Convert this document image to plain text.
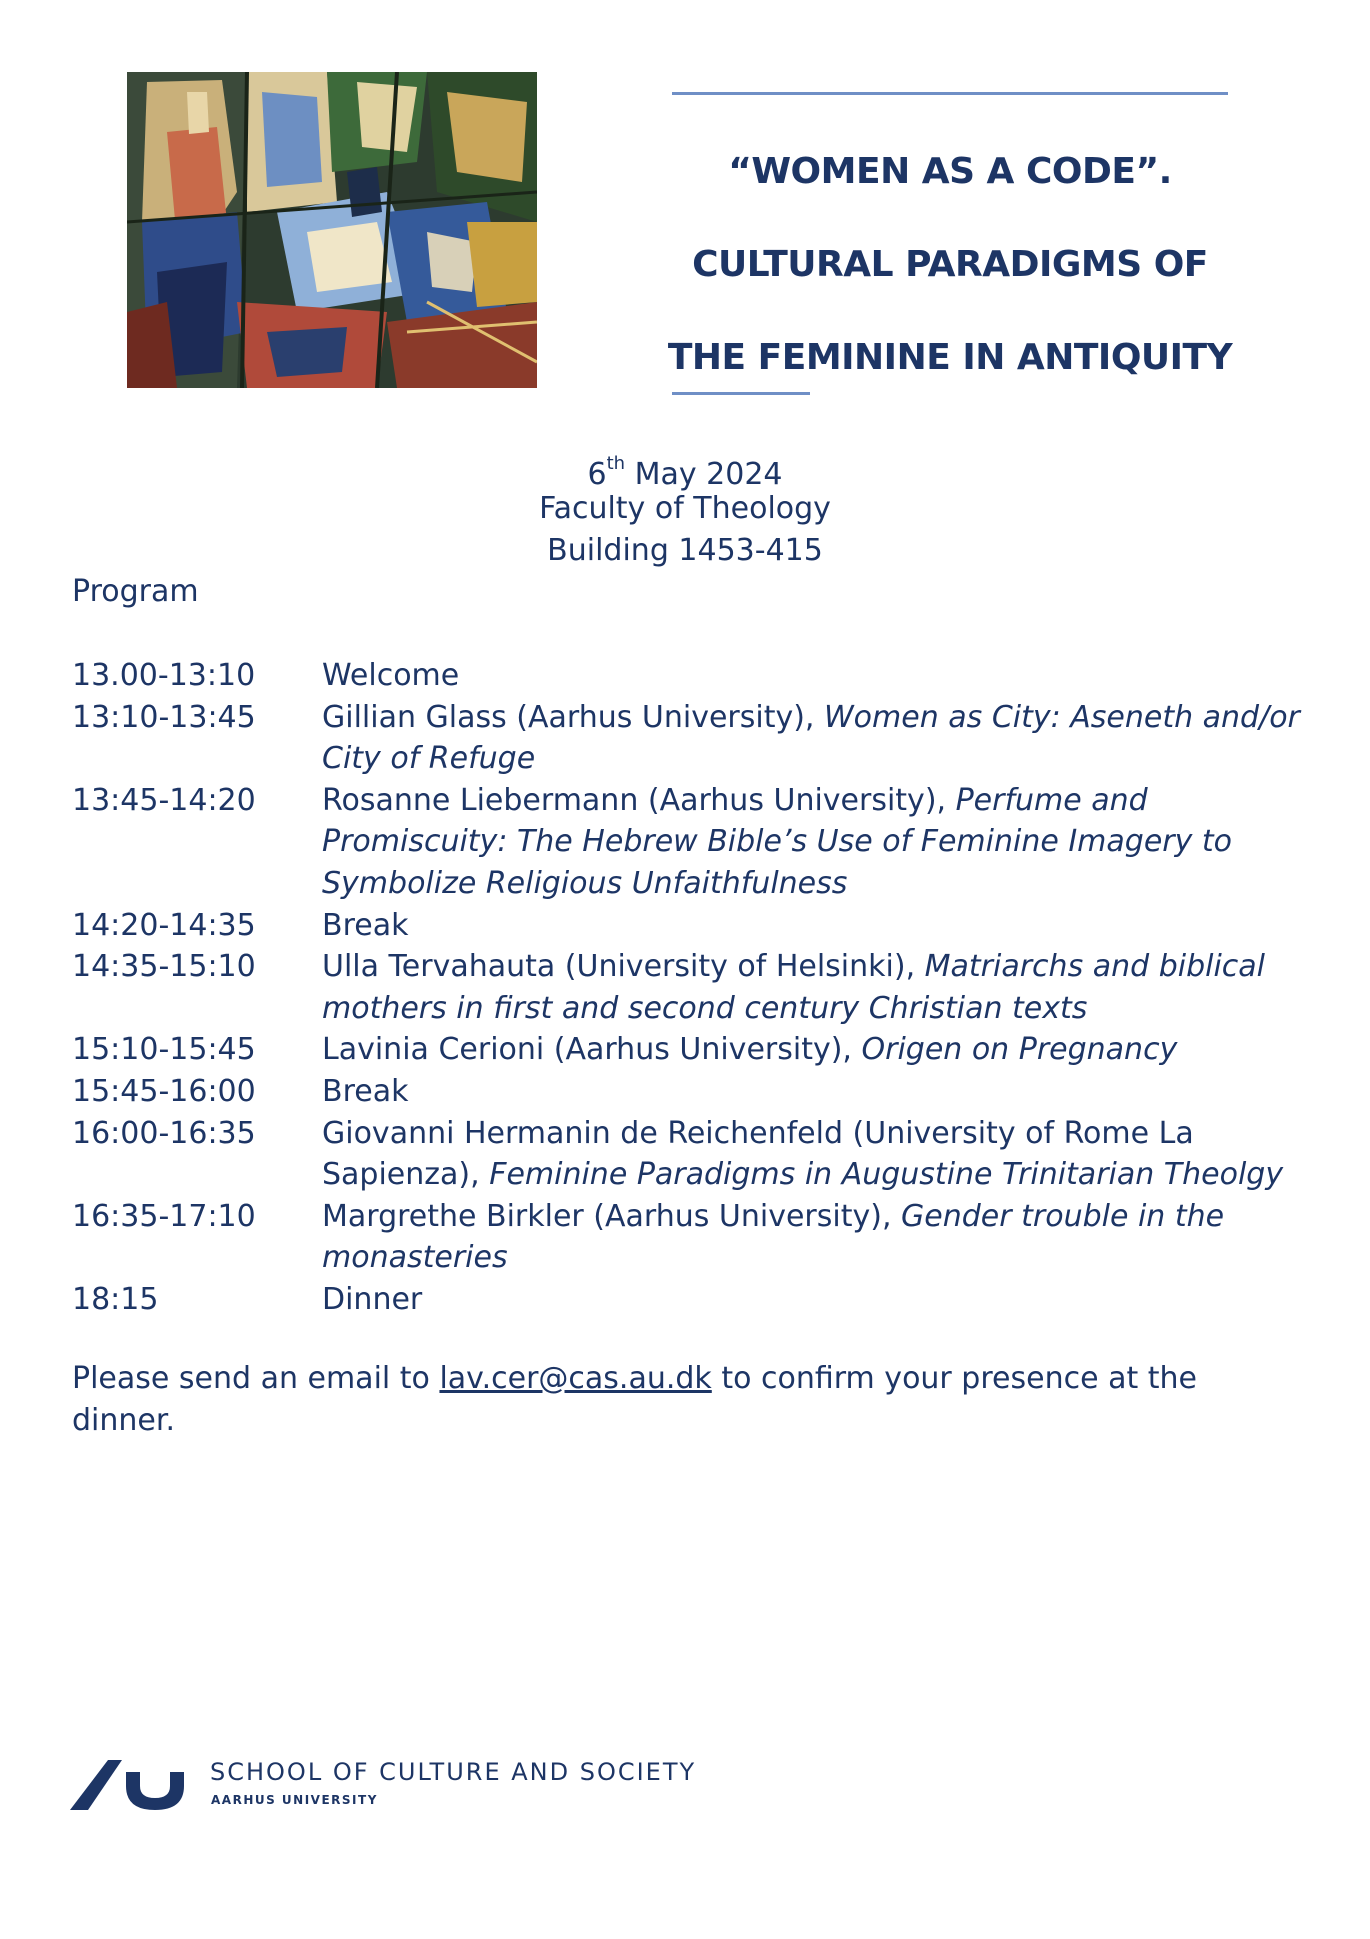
“WOMEN AS A CODE”.
CULTURAL PARADIGMS OF
THE FEMININE IN ANTIQUITY
6th May 2024
Faculty of Theology
Building 1453-415
Program
13.00-13:10	Welcome
13:10-13:45	Gillian Glass (Aarhus University), Women as City: Aseneth and/or City of Refuge
13:45-14:20	Rosanne Liebermann (Aarhus University), Perfume and Promiscuity: The Hebrew Bible’s Use of Feminine Imagery to Symbolize Religious Unfaithfulness
14:20-14:35	Break
14:35-15:10	Ulla Tervahauta (University of Helsinki), Matriarchs and biblical mothers in first and second century Christian texts
15:10-15:45	Lavinia Cerioni (Aarhus University), Origen on Pregnancy
15:45-16:00	Break
16:00-16:35	Giovanni Hermanin de Reichenfeld (University of Rome La Sapienza), Feminine Paradigms in Augustine Trinitarian Theolgy
16:35-17:10	Margrethe Birkler (Aarhus University), Gender trouble in the monasteries
18:15	Dinner
Please send an email to lav.cer@cas.au.dk to confirm your presence at the dinner.
SCHOOL OF CULTURE AND SOCIETY
AARHUS UNIVERSITY
